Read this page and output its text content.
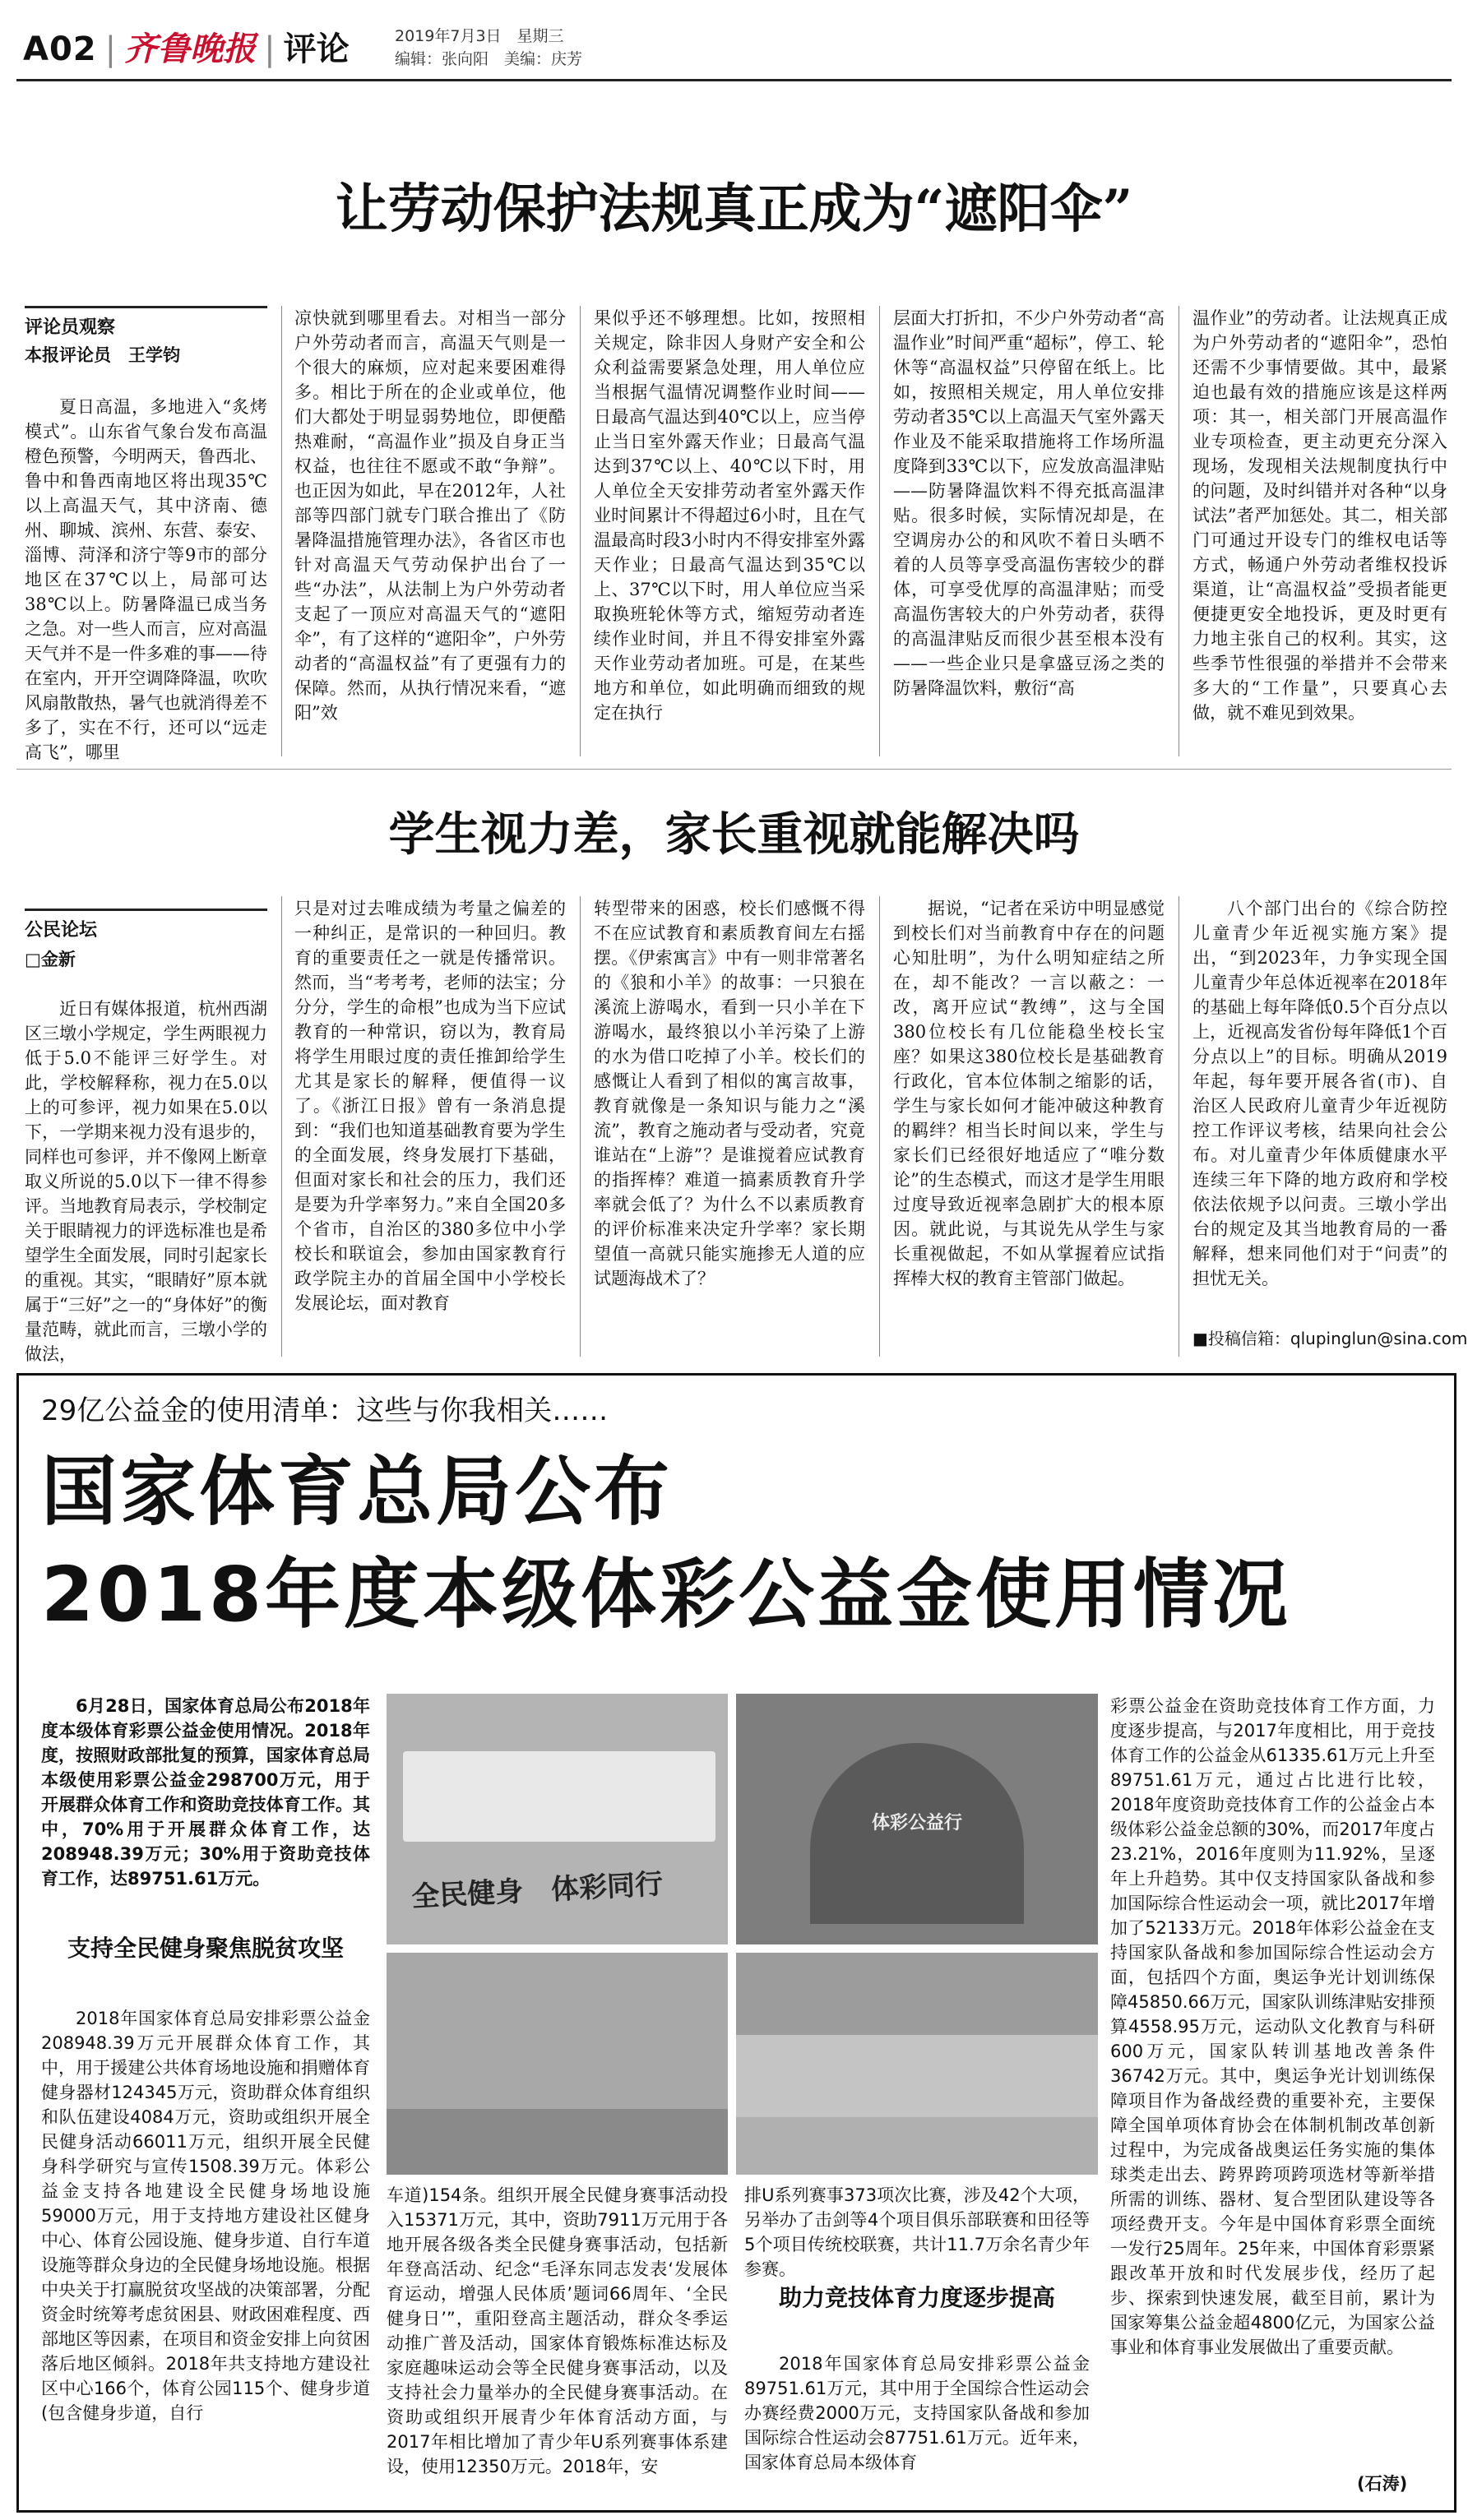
A02 | 齐鲁晚报 | 评论	2019年7月3日　星期三
编辑：张向阳　美编：庆芳
让劳动保护法规真正成为“遮阳伞”
评论员观察
本报评论员　王学钧

夏日高温，多地进入“炙烤模式”。山东省气象台发布高温橙色预警，今明两天，鲁西北、鲁中和鲁西南地区将出现35℃以上高温天气，其中济南、德州、聊城、滨州、东营、泰安、淄博、菏泽和济宁等9市的部分地区在37℃以上，局部可达38℃以上。防暑降温已成当务之急。对一些人而言，应对高温天气并不是一件多难的事——待在室内，开开空调降降温，吹吹风扇散散热，暑气也就消得差不多了，实在不行，还可以“远走高飞”，哪里

凉快就到哪里看去。对相当一部分户外劳动者而言，高温天气则是一个很大的麻烦，应对起来要困难得多。相比于所在的企业或单位，他们大都处于明显弱势地位，即便酷热难耐，“高温作业”损及自身正当权益，也往往不愿或不敢“争辩”。也正因为如此，早在2012年，人社部等四部门就专门联合推出了《防暑降温措施管理办法》，各省区市也针对高温天气劳动保护出台了一些“办法”，从法制上为户外劳动者支起了一顶应对高温天气的“遮阳伞”，有了这样的“遮阳伞”，户外劳动者的“高温权益”有了更强有力的保障。然而，从执行情况来看，“遮阳”效

果似乎还不够理想。比如，按照相关规定，除非因人身财产安全和公众利益需要紧急处理，用人单位应当根据气温情况调整作业时间——日最高气温达到40℃以上，应当停止当日室外露天作业；日最高气温达到37℃以上、40℃以下时，用人单位全天安排劳动者室外露天作业时间累计不得超过6小时，且在气温最高时段3小时内不得安排室外露天作业；日最高气温达到35℃以上、37℃以下时，用人单位应当采取换班轮休等方式，缩短劳动者连续作业时间，并且不得安排室外露天作业劳动者加班。可是，在某些地方和单位，如此明确而细致的规定在执行

层面大打折扣，不少户外劳动者“高温作业”时间严重“超标”，停工、轮休等“高温权益”只停留在纸上。比如，按照相关规定，用人单位安排劳动者35℃以上高温天气室外露天作业及不能采取措施将工作场所温度降到33℃以下，应发放高温津贴——防暑降温饮料不得充抵高温津贴。很多时候，实际情况却是，在空调房办公的和风吹不着日头晒不着的人员等享受高温伤害较少的群体，可享受优厚的高温津贴；而受高温伤害较大的户外劳动者，获得的高温津贴反而很少甚至根本没有——一些企业只是拿盛豆汤之类的防暑降温饮料，敷衍“高

温作业”的劳动者。让法规真正成为户外劳动者的“遮阳伞”，恐怕还需不少事情要做。其中，最紧迫也最有效的措施应该是这样两项：其一，相关部门开展高温作业专项检查，更主动更充分深入现场，发现相关法规制度执行中的问题，及时纠错并对各种“以身试法”者严加惩处。其二，相关部门可通过开设专门的维权电话等方式，畅通户外劳动者维权投诉渠道，让“高温权益”受损者能更便捷更安全地投诉，更及时更有力地主张自己的权利。其实，这些季节性很强的举措并不会带来多大的“工作量”，只要真心去做，就不难见到效果。

学生视力差，家长重视就能解决吗
公民论坛
□金新

近日有媒体报道，杭州西湖区三墩小学规定，学生两眼视力低于5.0不能评三好学生。对此，学校解释称，视力在5.0以上的可参评，视力如果在5.0以下，一学期来视力没有退步的，同样也可参评，并不像网上断章取义所说的5.0以下一律不得参评。当地教育局表示，学校制定关于眼睛视力的评选标准也是希望学生全面发展，同时引起家长的重视。其实，“眼睛好”原本就属于“三好”之一的“身体好”的衡量范畴，就此而言，三墩小学的做法，

只是对过去唯成绩为考量之偏差的一种纠正，是常识的一种回归。教育的重要责任之一就是传播常识。然而，当“考考考，老师的法宝；分分分，学生的命根”也成为当下应试教育的一种常识，窃以为，教育局将学生用眼过度的责任推卸给学生尤其是家长的解释，便值得一议了。《浙江日报》曾有一条消息提到：“我们也知道基础教育要为学生的全面发展，终身发展打下基础，但面对家长和社会的压力，我们还是要为升学率努力。”来自全国20多个省市，自治区的380多位中小学校长和联谊会，参加由国家教育行政学院主办的首届全国中小学校长发展论坛，面对教育

转型带来的困惑，校长们感慨不得不在应试教育和素质教育间左右摇摆。《伊索寓言》中有一则非常著名的《狼和小羊》的故事：一只狼在溪流上游喝水，看到一只小羊在下游喝水，最终狼以小羊污染了上游的水为借口吃掉了小羊。校长们的感慨让人看到了相似的寓言故事，教育就像是一条知识与能力之“溪流”，教育之施动者与受动者，究竟谁站在“上游”？是谁搅着应试教育的指挥棒？难道一搞素质教育升学率就会低了？为什么不以素质教育的评价标准来决定升学率？家长期望值一高就只能实施掺无人道的应试题海战术了？

据说，“记者在采访中明显感觉到校长们对当前教育中存在的问题心知肚明”，为什么明知症结之所在，却不能改？一言以蔽之：一改，离开应试“教缚”，这与全国380位校长有几位能稳坐校长宝座？如果这380位校长是基础教育行政化，官本位体制之缩影的话，学生与家长如何才能冲破这种教育的羁绊？相当长时间以来，学生与家长们已经很好地适应了“唯分数论”的生态模式，而这才是学生用眼过度导致近视率急剧扩大的根本原因。就此说，与其说先从学生与家长重视做起，不如从掌握着应试指挥棒大权的教育主管部门做起。

八个部门出台的《综合防控儿童青少年近视实施方案》提出，“到2023年，力争实现全国儿童青少年总体近视率在2018年的基础上每年降低0.5个百分点以上，近视高发省份每年降低1个百分点以上”的目标。明确从2019年起，每年要开展各省(市)、自治区人民政府儿童青少年近视防控工作评议考核，结果向社会公布。对儿童青少年体质健康水平连续三年下降的地方政府和学校依法依规予以问责。三墩小学出台的规定及其当地教育局的一番解释，想来同他们对于“问责”的担忧无关。

■投稿信箱：qlupinglun@sina.com
29亿公益金的使用清单：这些与你我相关……
国家体育总局公布
2018年度本级体彩公益金使用情况

6月28日，国家体育总局公布2018年度本级体育彩票公益金使用情况。2018年度，按照财政部批复的预算，国家体育总局本级使用彩票公益金298700万元，用于开展群众体育工作和资助竞技体育工作。其中，70%用于开展群众体育工作，达208948.39万元；30%用于资助竞技体育工作，达89751.61万元。

支持全民健身聚焦脱贫攻坚

2018年国家体育总局安排彩票公益金208948.39万元开展群众体育工作，其中，用于援建公共体育场地设施和捐赠体育健身器材124345万元，资助群众体育组织和队伍建设4084万元，资助或组织开展全民健身活动66011万元，组织开展全民健身科学研究与宣传1508.39万元。体彩公益金支持各地建设全民健身场地设施59000万元，用于支持地方建设社区健身中心、体育公园设施、健身步道、自行车道设施等群众身边的全民健身场地设施。根据中央关于打赢脱贫攻坚战的决策部署，分配资金时统筹考虑贫困县、财政困难程度、西部地区等因素，在项目和资金安排上向贫困落后地区倾斜。2018年共支持地方建设社区中心166个，体育公园115个、健身步道(包含健身步道，自行

全民健身　体彩同行
体彩公益行

车道)154条。组织开展全民健身赛事活动投入15371万元，其中，资助7911万元用于各地开展各级各类全民健身赛事活动，包括新年登高活动、纪念“毛泽东同志发表‘发展体育运动，增强人民体质’题词66周年、‘全民健身日’”，重阳登高主题活动，群众冬季运动推广普及活动，国家体育锻炼标准达标及家庭趣味运动会等全民健身赛事活动，以及支持社会力量举办的全民健身赛事活动。在资助或组织开展青少年体育活动方面，与2017年相比增加了青少年U系列赛事体系建设，使用12350万元。2018年，安

排U系列赛事373项次比赛，涉及42个大项，另举办了击剑等4个项目俱乐部联赛和田径等5个项目传统校联赛，共计11.7万余名青少年参赛。

助力竞技体育力度逐步提高

2018年国家体育总局安排彩票公益金89751.61万元，其中用于全国综合性运动会办赛经费2000万元，支持国家队备战和参加国际综合性运动会87751.61万元。近年来，国家体育总局本级体育

彩票公益金在资助竞技体育工作方面，力度逐步提高，与2017年度相比，用于竞技体育工作的公益金从61335.61万元上升至89751.61万元，通过占比进行比较，2018年度资助竞技体育工作的公益金占本级体彩公益金总额的30%，而2017年度占23.21%，2016年度则为11.92%，呈逐年上升趋势。其中仅支持国家队备战和参加国际综合性运动会一项，就比2017年增加了52133万元。2018年体彩公益金在支持国家队备战和参加国际综合性运动会方面，包括四个方面，奥运争光计划训练保障45850.66万元，国家队训练津贴安排预算4558.95万元，运动队文化教育与科研600万元，国家队转训基地改善条件36742万元。其中，奥运争光计划训练保障项目作为备战经费的重要补充，主要保障全国单项体育协会在体制机制改革创新过程中，为完成备战奥运任务实施的集体球类走出去、跨界跨项跨项选材等新举措所需的训练、器材、复合型团队建设等各项经费开支。今年是中国体育彩票全面统一发行25周年。25年来，中国体育彩票紧跟改革开放和时代发展步伐，经历了起步、探索到快速发展，截至目前，累计为国家筹集公益金超4800亿元，为国家公益事业和体育事业发展做出了重要贡献。

(石涛)
